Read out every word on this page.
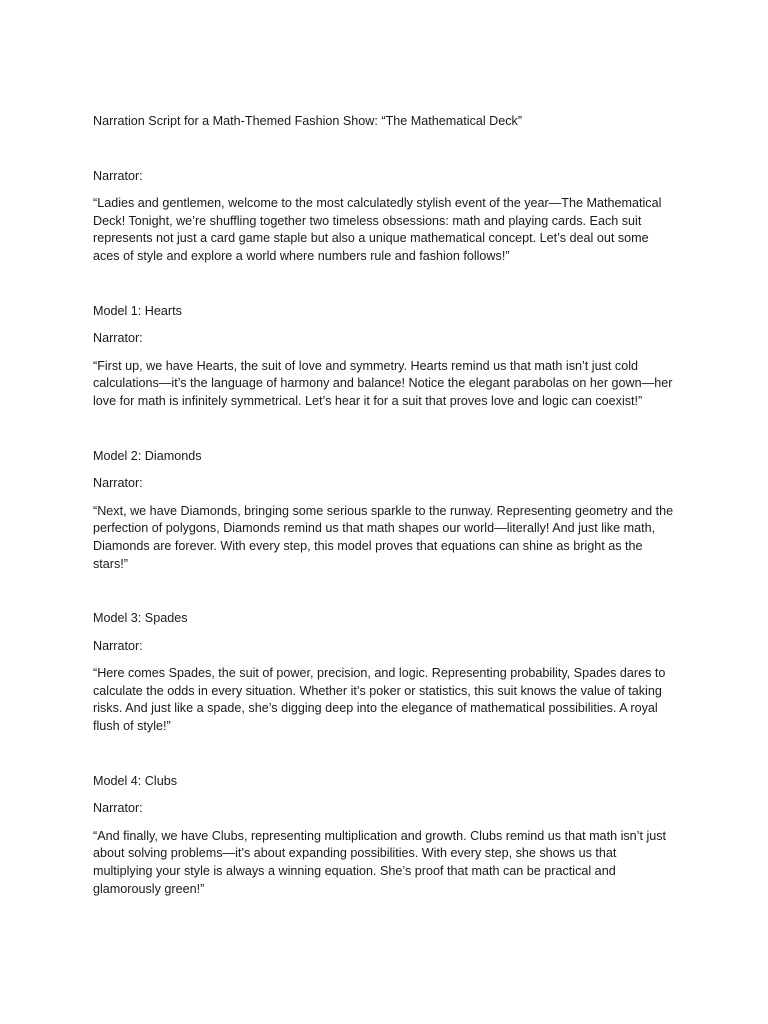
Narration Script for a Math-Themed Fashion Show: “The Mathematical Deck”

Narrator:

“Ladies and gentlemen, welcome to the most calculatedly stylish event of the year—The Mathematical Deck! Tonight, we’re shuffling together two timeless obsessions: math and playing cards. Each suit represents not just a card game staple but also a unique mathematical concept. Let’s deal out some aces of style and explore a world where numbers rule and fashion follows!”

Model 1: Hearts

Narrator:

“First up, we have Hearts, the suit of love and symmetry. Hearts remind us that math isn’t just cold calculations—it’s the language of harmony and balance! Notice the elegant parabolas on her gown—her love for math is infinitely symmetrical. Let’s hear it for a suit that proves love and logic can coexist!”

Model 2: Diamonds

Narrator:

“Next, we have Diamonds, bringing some serious sparkle to the runway. Representing geometry and the perfection of polygons, Diamonds remind us that math shapes our world—literally! And just like math, Diamonds are forever. With every step, this model proves that equations can shine as bright as the stars!”

Model 3: Spades

Narrator:

“Here comes Spades, the suit of power, precision, and logic. Representing probability, Spades dares to calculate the odds in every situation. Whether it’s poker or statistics, this suit knows the value of taking risks. And just like a spade, she’s digging deep into the elegance of mathematical possibilities. A royal flush of style!”

Model 4: Clubs

Narrator:

“And finally, we have Clubs, representing multiplication and growth. Clubs remind us that math isn’t just about solving problems—it’s about expanding possibilities. With every step, she shows us that multiplying your style is always a winning equation. She’s proof that math can be practical and glamorously green!”
